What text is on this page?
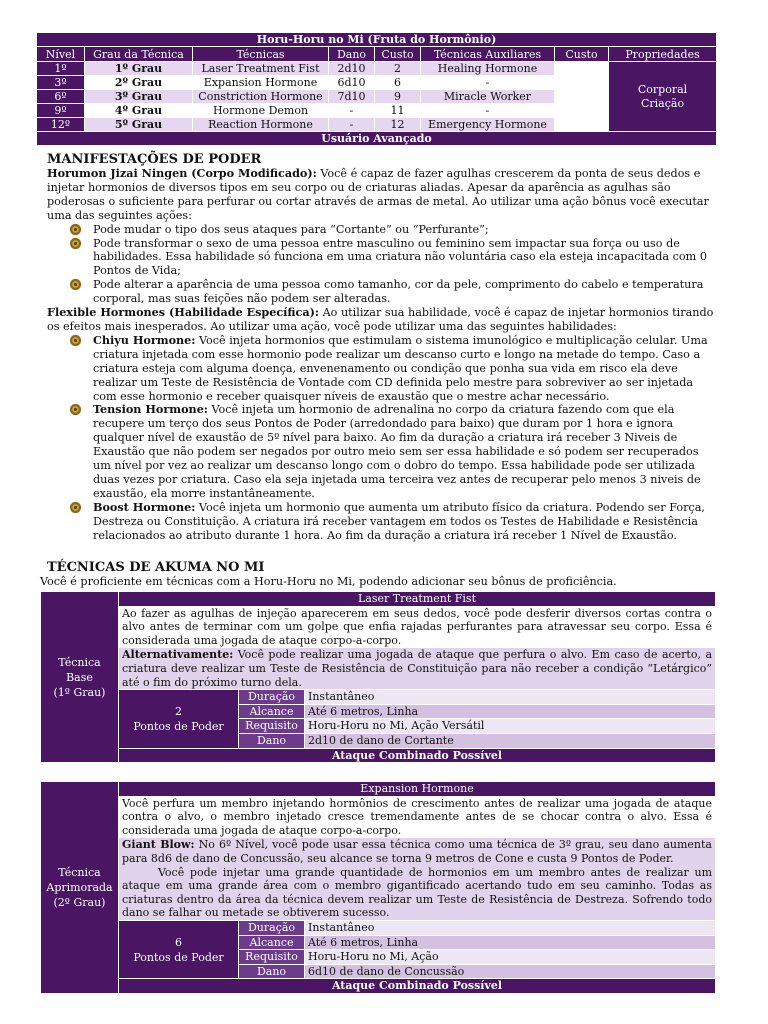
Horu-Horu no Mi (Fruta do Hormônio)							
Nível	Grau da Técnica	Técnicas	Dano	Custo	Técnicas Auxiliares	Custo	Propriedades
1º	1º Grau	Laser Treatment Fist	2d10	2	Healing Hormone		Corporal
Criação
3º	2º Grau	Expansion Hormone	6d10	6	-		
6º	3º Grau	Constriction Hormone	7d10	9	Miracle Worker		
9º	4º Grau	Hormone Demon	-	11	-		
12º	5º Grau	Reaction Hormone	-	12	Emergency Hormone		
Usuário Avançado							

MANIFESTAÇÕES DE PODER

Horumon Jizai Ningen (Corpo Modificado): Você é capaz de fazer agulhas crescerem da ponta de seus dedos e injetar hormonios de diversos tipos em seu corpo ou de criaturas aliadas. Apesar da aparência as agulhas são poderosas o suficiente para perfurar ou cortar através de armas de metal. Ao utilizar uma ação bônus você executar uma das seguintes ações:

Pode mudar o tipo dos seus ataques para “Cortante” ou “Perfurante”;
Pode transformar o sexo de uma pessoa entre masculino ou feminino sem impactar sua força ou uso de habilidades. Essa habilidade só funciona em uma criatura não voluntária caso ela esteja incapacitada com 0 Pontos de Vida;
Pode alterar a aparência de uma pessoa como tamanho, cor da pele, comprimento do cabelo e temperatura corporal, mas suas feições não podem ser alteradas.

Flexible Hormones (Habilidade Específica): Ao utilizar sua habilidade, você é capaz de injetar hormonios tirando os efeitos mais inesperados. Ao utilizar uma ação, você pode utilizar uma das seguintes habilidades:

Chiyu Hormone: Você injeta hormonios que estimulam o sistema imunológico e multiplicação celular. Uma criatura injetada com esse hormonio pode realizar um descanso curto e longo na metade do tempo. Caso a criatura esteja com alguma doença, envenenamento ou condição que ponha sua vida em risco ela deve realizar um Teste de Resistência de Vontade com CD definida pelo mestre para sobreviver ao ser injetada com esse hormonio e receber quaisquer níveis de exaustão que o mestre achar necessário.
Tension Hormone: Você injeta um hormonio de adrenalina no corpo da criatura fazendo com que ela recupere um terço dos seus Pontos de Poder (arredondado para baixo) que duram por 1 hora e ignora qualquer nível de exaustão de 5º nível para baixo. Ao fim da duração a criatura irá receber 3 Niveis de Exaustão que não podem ser negados por outro meio sem ser essa habilidade e só podem ser recuperados um nível por vez ao realizar um descanso longo com o dobro do tempo. Essa habilidade pode ser utilizada duas vezes por criatura. Caso ela seja injetada uma terceira vez antes de recuperar pelo menos 3 niveis de exaustão, ela morre instantâneamente.
Boost Hormone: Você injeta um hormonio que aumenta um atributo físico da criatura. Podendo ser Força, Destreza ou Constituição. A criatura irá receber vantagem em todos os Testes de Habilidade e Resistência relacionados ao atributo durante 1 hora. Ao fim da duração a criatura irá receber 1 Nível de Exaustão.

TÉCNICAS DE AKUMA NO MI

Você é proficiente em técnicas com a Horu-Horu no Mi, podendo adicionar seu bônus de proficiência.

Técnica
Base
(1º Grau)	Laser Treatment Fist		
	Ao fazer as agulhas de injeção aparecerem em seus dedos, você pode desferir diversos cortas contra o alvo antes de terminar com um golpe que enfia rajadas perfurantes para atravessar seu corpo. Essa é considerada uma jogada de ataque corpo-a-corpo.		
	Alternativamente: Você pode realizar uma jogada de ataque que perfura o alvo. Em caso de acerto, a criatura deve realizar um Teste de Resistência de Constituição para não receber a condição “Letárgico” até o fim do próximo turno dela.		
	2
Pontos de Poder	Duração	Instantâneo
		Alcance	Até 6 metros, Linha
		Requisito	Horu-Horu no Mi, Ação Versátil
		Dano	2d10 de dano de Cortante
	Ataque Combinado Possível		
Técnica
Aprimorada
(2º Grau)	Expansion Hormone		
	Você perfura um membro injetando hormônios de crescimento antes de realizar uma jogada de ataque contra o alvo, o membro injetado cresce tremendamente antes de se chocar contra o alvo. Essa é considerada uma jogada de ataque corpo-a-corpo.		
	Giant Blow: No 6º Nível, você pode usar essa técnica como uma técnica de 3º grau, seu dano aumenta para 8d6 de dano de Concussão, seu alcance se torna 9 metros de Cone e custa 9 Pontos de Poder.
Você pode injetar uma grande quantidade de hormonios em um membro antes de realizar um ataque em uma grande área com o membro gigantificado acertando tudo em seu caminho. Todas as criaturas dentro da área da técnica devem realizar um Teste de Resistência de Destreza. Sofrendo todo dano se falhar ou metade se obtiverem sucesso.		
	6
Pontos de Poder	Duração	Instantâneo
		Alcance	Até 6 metros, Linha
		Requisito	Horu-Horu no Mi, Ação
		Dano	6d10 de dano de Concussão
	Ataque Combinado Possível		
